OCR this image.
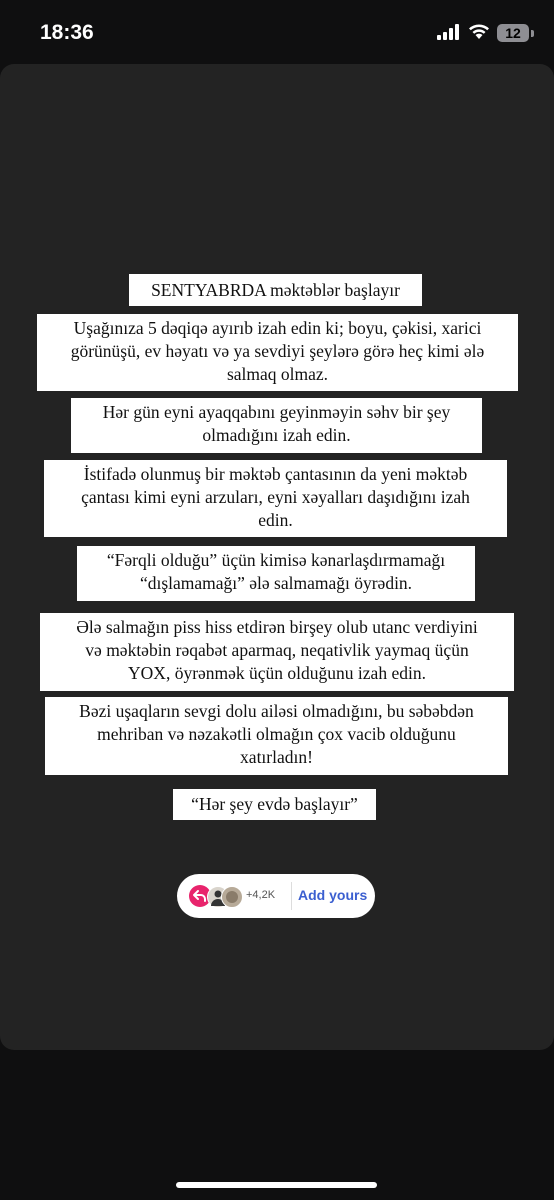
18:36	12
SENTYABRDA məktəblər başlayır
Uşağınıza 5 dəqiqə ayırıb izah edin ki; boyu, çəkisi, xarici
görünüşü, ev həyatı və ya sevdiyi şeylərə görə heç kimi ələ
salmaq olmaz.
Hər gün eyni ayaqqabını geyinməyin səhv bir şey
olmadığını izah edin.
İstifadə olunmuş bir məktəb çantasının da yeni məktəb
çantası kimi eyni arzuları, eyni xəyalları daşıdığını izah
edin.
“Fərqli olduğu” üçün kimisə kənarlaşdırmamağı
“dışlamamağı” ələ salmamağı öyrədin.
Ələ salmağın piss hiss etdirən birşey olub utanc verdiyini
və məktəbin rəqabət aparmaq, neqativlik yaymaq üçün
YOX, öyrənmək üçün olduğunu izah edin.
Bəzi uşaqların sevgi dolu ailəsi olmadığını, bu səbəbdən
mehriban və nəzakətli olmağın çox vacib olduğunu
xatırladın!
“Hər şey evdə başlayır”
+4,2K Add yours
